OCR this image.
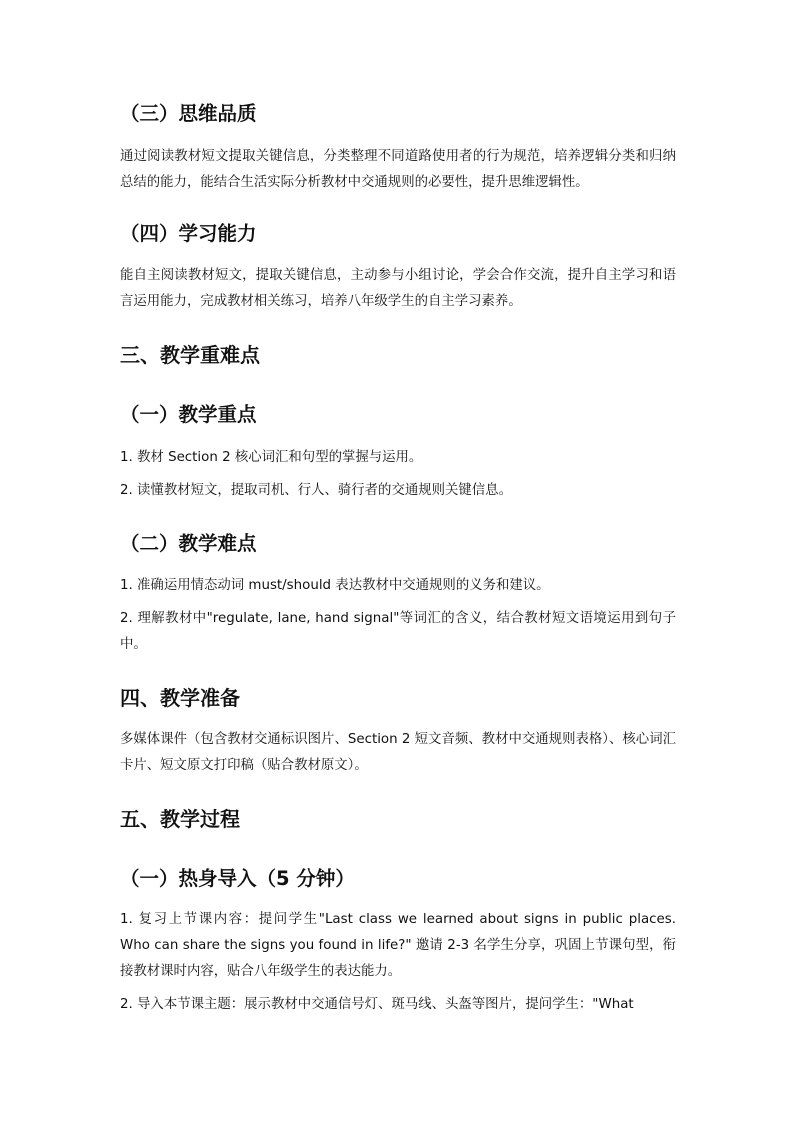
（三）思维品质

通过阅读教材短文提取关键信息，分类整理不同道路使用者的行为规范，培养逻辑分类和归纳总结的能力，能结合生活实际分析教材中交通规则的必要性，提升思维逻辑性。

（四）学习能力

能自主阅读教材短文，提取关键信息，主动参与小组讨论，学会合作交流，提升自主学习和语言运用能力，完成教材相关练习，培养八年级学生的自主学习素养。

三、教学重难点
（一）教学重点

1. 教材 Section 2 核心词汇和句型的掌握与运用。

2. 读懂教材短文，提取司机、行人、骑行者的交通规则关键信息。

（二）教学难点

1. 准确运用情态动词 must/should 表达教材中交通规则的义务和建议。

2. 理解教材中"regulate, lane, hand signal"等词汇的含义，结合教材短文语境运用到句子中。

四、教学准备

多媒体课件（包含教材交通标识图片、Section 2 短文音频、教材中交通规则表格）、核心词汇卡片、短文原文打印稿（贴合教材原文）。

五、教学过程
（一）热身导入（5 分钟）

1. 复习上节课内容：提问学生"Last class we learned about signs in public places. Who can share the signs you found in life?" 邀请 2-3 名学生分享，巩固上节课句型，衔接教材课时内容，贴合八年级学生的表达能力。

2. 导入本节课主题：展示教材中交通信号灯、斑马线、头盔等图片，提问学生："What
